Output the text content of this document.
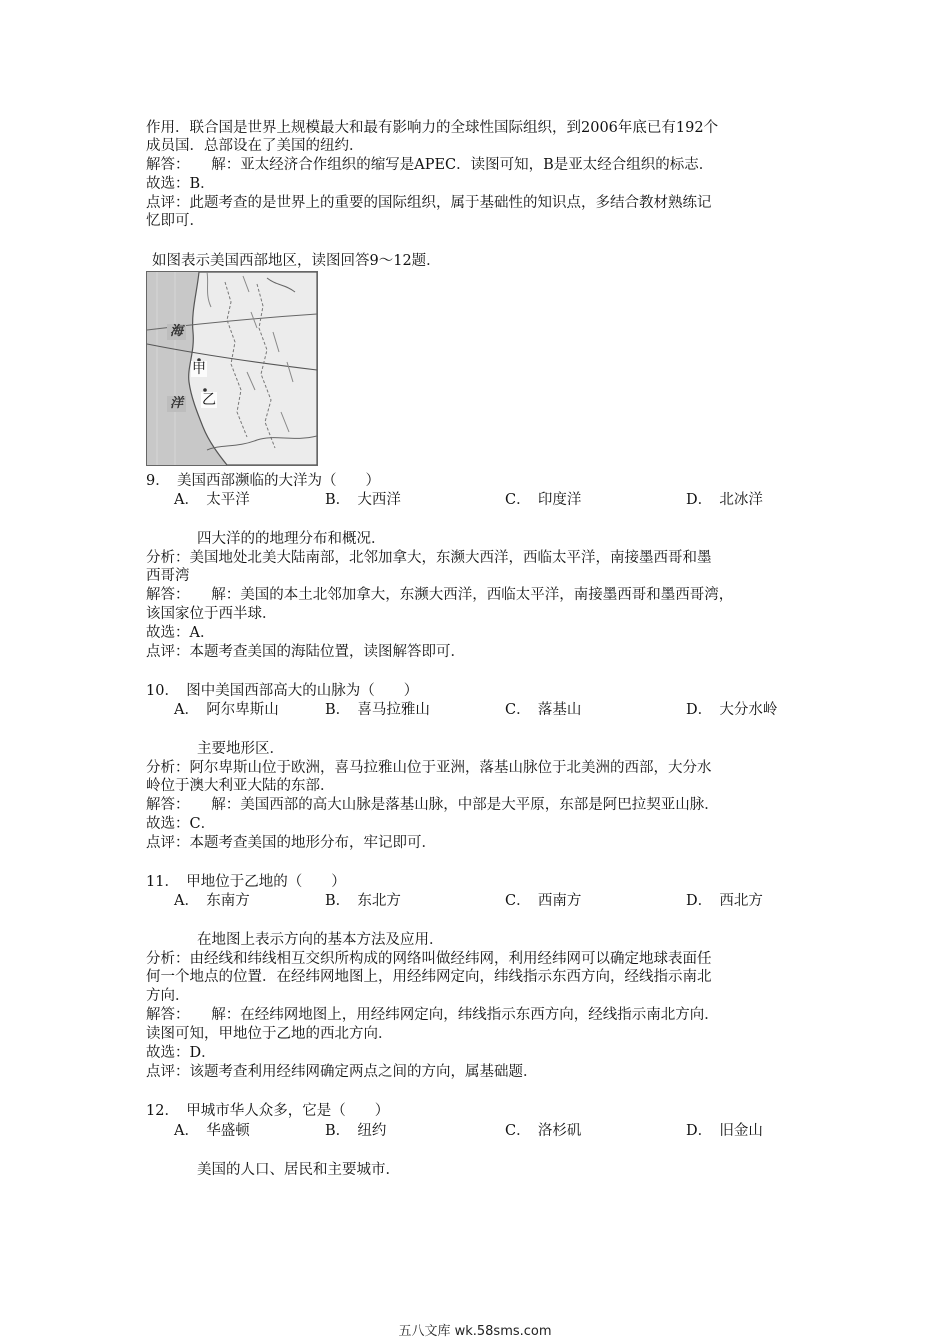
作用．联合国是世界上规模最大和最有影响力的全球性国际组织，到2006年底已有192个
成员国．总部设在了美国的纽约．
解答：　　解：亚太经济合作组织的缩写是APEC．读图可知，B是亚太经合组织的标志．
故选：B．
点评：此题考查的是世界上的重要的国际组织，属于基础性的知识点，多结合教材熟练记
忆即可．
如图表示美国西部地区，读图回答9～12题．
海
洋
甲
乙
9．　美国西部濒临的大洋为（　　）
A．　太平洋	B．　大西洋	C．　印度洋	D．　北冰洋
四大洋的的地理分布和概况．
分析：美国地处北美大陆南部，北邻加拿大，东濒大西洋，西临太平洋，南接墨西哥和墨
西哥湾
解答：　　解：美国的本土北邻加拿大，东濒大西洋，西临太平洋，南接墨西哥和墨西哥湾，
该国家位于西半球．
故选：A．
点评：本题考查美国的海陆位置，读图解答即可．
10．　图中美国西部高大的山脉为（　　）
A．　阿尔卑斯山	B．　喜马拉雅山	C．　落基山	D．　大分水岭
主要地形区．
分析：阿尔卑斯山位于欧洲，喜马拉雅山位于亚洲，落基山脉位于北美洲的西部，大分水
岭位于澳大利亚大陆的东部．
解答：　　解：美国西部的高大山脉是落基山脉，中部是大平原，东部是阿巴拉契亚山脉．
故选：C．
点评：本题考查美国的地形分布，牢记即可．
11．　甲地位于乙地的（　　）
A．　东南方	B．　东北方	C．　西南方	D．　西北方
在地图上表示方向的基本方法及应用．
分析：由经线和纬线相互交织所构成的网络叫做经纬网，利用经纬网可以确定地球表面任
何一个地点的位置．在经纬网地图上，用经纬网定向，纬线指示东西方向，经线指示南北
方向．
解答：　　解：在经纬网地图上，用经纬网定向，纬线指示东西方向，经线指示南北方向．
读图可知，甲地位于乙地的西北方向．
故选：D．
点评：该题考查利用经纬网确定两点之间的方向，属基础题．
12．　甲城市华人众多，它是（　　）
A．　华盛顿	B．　纽约	C．　洛杉矶	D．　旧金山
美国的人口、居民和主要城市．
五八文库 wk.58sms.com
